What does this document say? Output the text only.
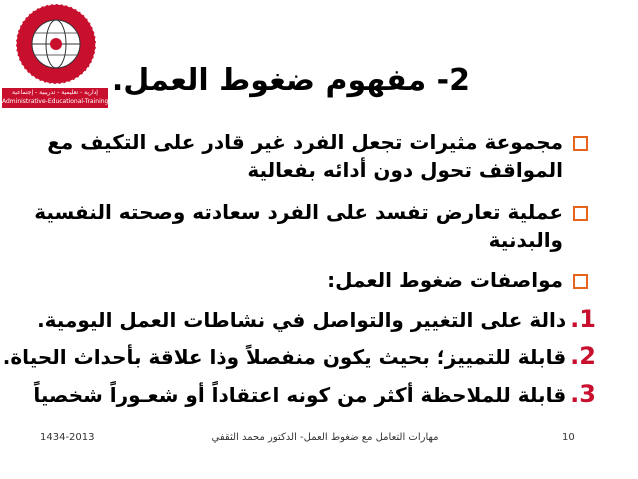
إدارية - تعليمية - تدريبية - إجتماعية
Administrative-Educational-Training-Social
2- مفهوم ضغوط العمل.
مجموعة مثيرات تجعل الفرد غير قادر على التكيف مع
المواقف تحول دون أدائه بفعالية
عملية تعارض تفسد على الفرد سعادته وصحته النفسية
والبدنية
مواصفات ضغوط العمل:
1.دالة على التغيير والتواصل في نشاطات العمل اليومية.
2.قابلة للتمييز؛ بحيث يكون منفصلاً وذا علاقة بأحداث الحياة.
3.قابلة للملاحظة أكثر من كونه اعتقاداً أو شعـوراً شخصياً
1434-2013	مهارات التعامل مع ضغوط العمل- الدكتور محمد الثقفي	10
